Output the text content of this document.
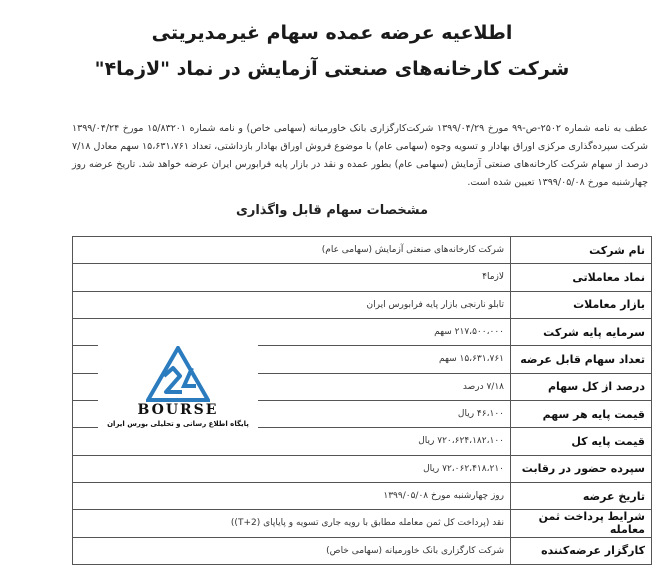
اطلاعیه عرضه عمده سهام غیرمدیریتی
شرکت کارخانه‌های صنعتی آزمایش در نماد "لازما۴"
عطف به نامه شماره ۲۵۰۲-ص-۹۹ مورخ ۱۳۹۹/۰۴/۲۹ شرکت‌کارگزاری بانک خاورمیانه (سهامی خاص) و نامه شماره ۱۵/۸۳۲۰۱ مورخ ۱۳۹۹/۰۴/۲۴ شرکت سپرده‌گذاری مرکزی اوراق بهادار و تسویه وجوه (سهامی عام) با موضوع فروش اوراق بهادار بازداشتی، تعداد ۱۵،۶۳۱،۷۶۱ سهم معادل ۷/۱۸ درصد از سهام شرکت کارخانه‌های صنعتی آزمایش (سهامی عام) بطور عمده و نقد در بازار پایه فرابورس ایران عرضه خواهد شد. تاریخ عرضه روز چهارشنبه مورخ ۱۳۹۹/۰۵/۰۸ تعیین شده است.
مشخصات سهام قابل واگذاری
نام شرکت	شرکت کارخانه‌های صنعتی آزمایش (سهامی عام)
نماد معاملاتی	لازما۴
بازار معاملات	تابلو نارنجی بازار پایه فرابورس ایران
سرمایه پایه شرکت	۲۱۷،۵۰۰،۰۰۰ سهم
تعداد سهام قابل عرضه	۱۵،۶۳۱،۷۶۱ سهم
درصد از کل سهام	۷/۱۸ درصد
قیمت پایه هر سهم	۴۶،۱۰۰ ریال
قیمت پایه کل	۷۲۰،۶۲۴،۱۸۲،۱۰۰ ریال
سپرده حضور در رقابت	۷۲،۰۶۲،۴۱۸،۲۱۰ ریال
تاریخ عرضه	روز چهارشنبه مورخ ۱۳۹۹/۰۵/۰۸
شرایط پرداخت ثمن معامله	نقد (پرداخت کل ثمن معامله مطابق با رویه جاری تسویه و پایاپای (T+2))
کارگزار عرضه‌کننده	شرکت کارگزاری بانک خاورمیانه (سهامی خاص)
BOURSE
پایگاه اطلاع رسانی و تحلیلی بورس ایران
